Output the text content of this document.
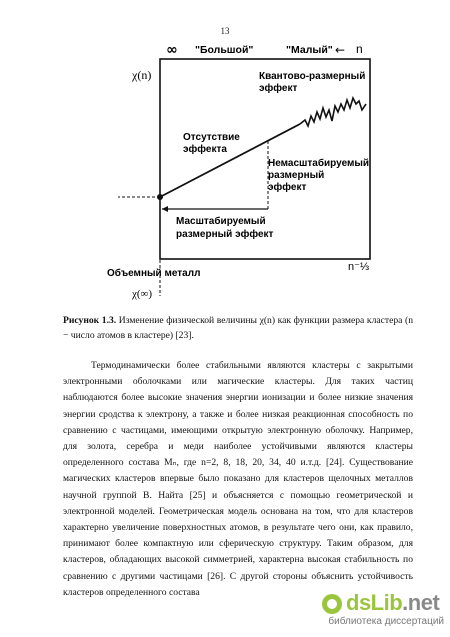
13
∞ "Большой"	"Малый" ← n
χ(n)	Квантово-размерный
эффект
Отсутствие
эффекта
Немасштабируемый
размерный
эффект
Масштабируемый
размерный эффект
Объемный металл
χ(∞)
n⁻⅓
Рисунок 1.3. Изменение физической величины χ(n) как функции размера кластера (n − число атомов в кластере) [23].

Термодинамически более стабильными являются кластеры с закрытыми электронными оболочками или магические кластеры. Для таких частиц наблюдаются более высокие значения энергии ионизации и более низкие значения энергии сродства к электрону, а также и более низкая реакционная способность по сравнению с частицами, имеющими открытую электронную оболочку. Например, для золота, серебра и меди наиболее устойчивыми являются кластеры определенного состава Mₙ, где n=2, 8, 18, 20, 34, 40 и.т.д. [24]. Существование магических кластеров впервые было показано для кластеров щелочных металлов научной группой В. Найта [25] и объясняется с помощью геометрической и электронной моделей. Геометрическая модель основана на том, что для кластеров характерно увеличение поверхностных атомов, в результате чего они, как правило, принимают более компактную или сферическую структуру. Таким образом, для кластеров, обладающих высокой симметрией, характерна высокая стабильность по сравнению с другими частицами [26]. С другой стороны объяснить устойчивость кластеров определенного состава	dsLib.net
библиотека диссертаций
